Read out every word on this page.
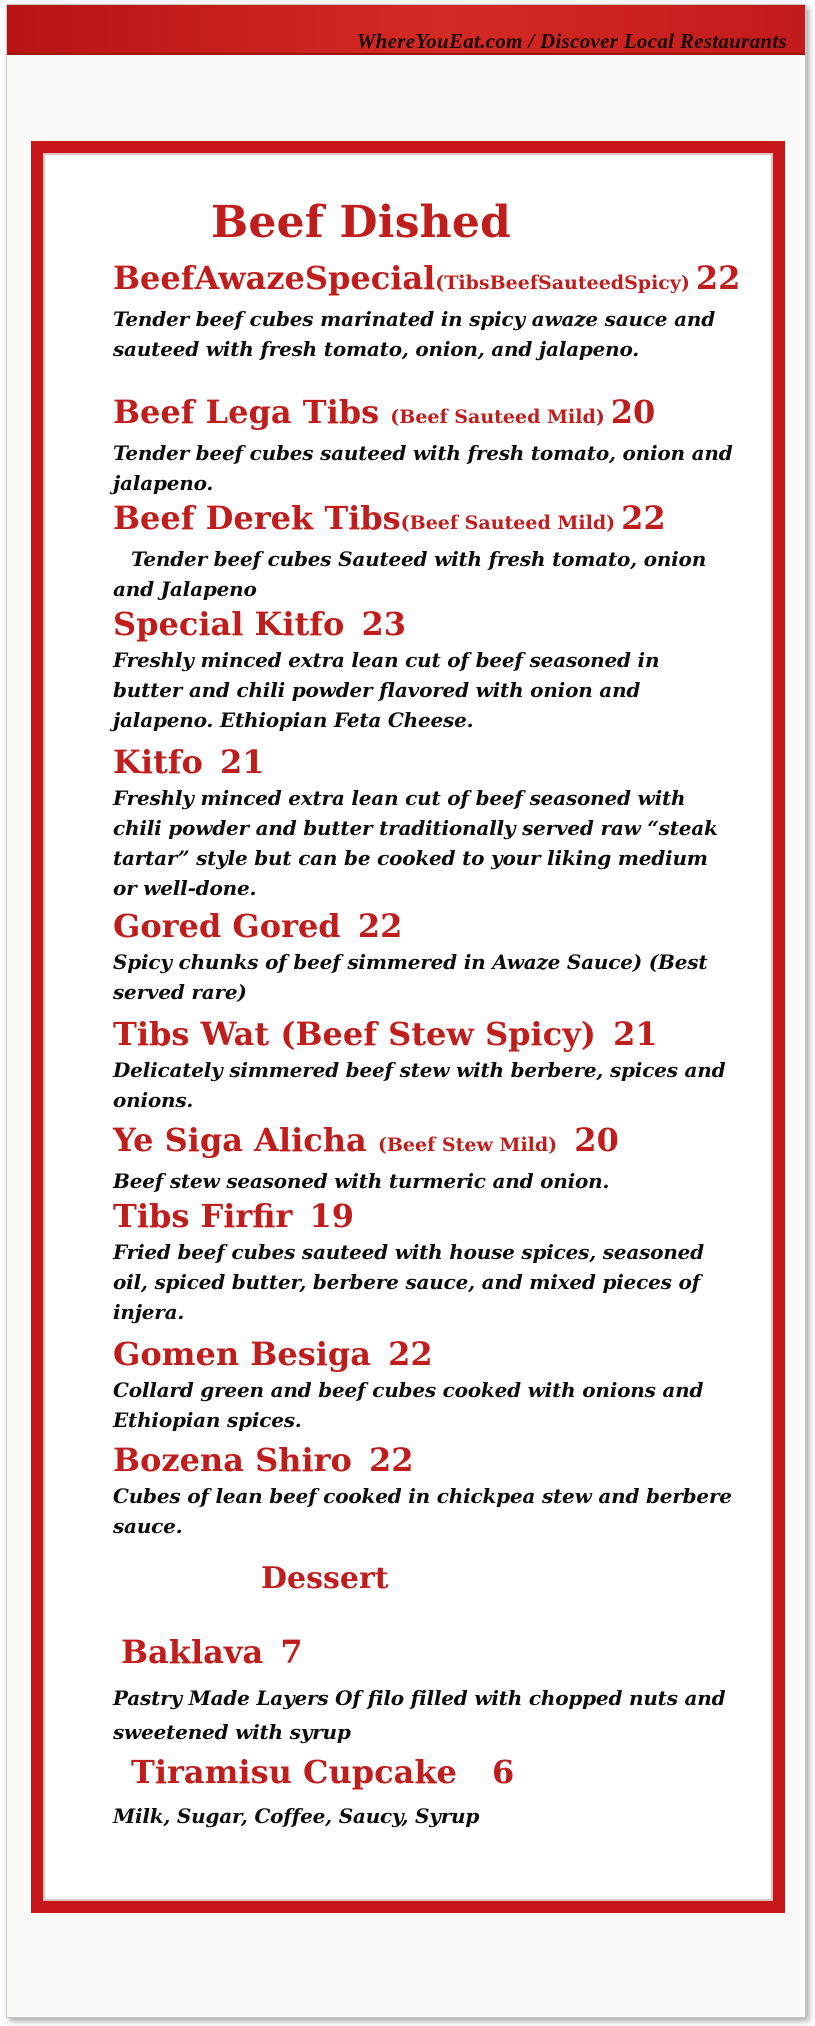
WhereYouEat.com / Discover Local Restaurants
Beef Dished
BeefAwazeSpecial(TibsBeefSauteedSpicy) 22
Tender beef cubes marinated in spicy awaze sauce and sauteed with fresh tomato, onion, and jalapeno.
Beef Lega Tibs (Beef Sauteed Mild) 20
Tender beef cubes sauteed with fresh tomato, onion and jalapeno.
Beef Derek Tibs(Beef Sauteed Mild) 22
Tender beef cubes Sauteed with fresh tomato, onion and Jalapeno
Special Kitfo 23
Freshly minced extra lean cut of beef seasoned in butter and chili powder flavored with onion and jalapeno. Ethiopian Feta Cheese.
Kitfo 21
Freshly minced extra lean cut of beef seasoned with chili powder and butter traditionally served raw “steak tartar” style but can be cooked to your liking medium or well-done.
Gored Gored 22
Spicy chunks of beef simmered in Awaze Sauce) (Best served rare)
Tibs Wat (Beef Stew Spicy) 21
Delicately simmered beef stew with berbere, spices and onions.
Ye Siga Alicha (Beef Stew Mild) 20
Beef stew seasoned with turmeric and onion.
Tibs Firfir 19
Fried beef cubes sauteed with house spices, seasoned oil, spiced butter, berbere sauce, and mixed pieces of injera.
Gomen Besiga 22
Collard green and beef cubes cooked with onions and Ethiopian spices.
Bozena Shiro 22
Cubes of lean beef cooked in chickpea stew and berbere sauce.
Dessert
Baklava 7
Pastry Made Layers Of filo filled with chopped nuts and sweetened with syrup
Tiramisu Cupcake 6
Milk, Sugar, Coffee, Saucy, Syrup
